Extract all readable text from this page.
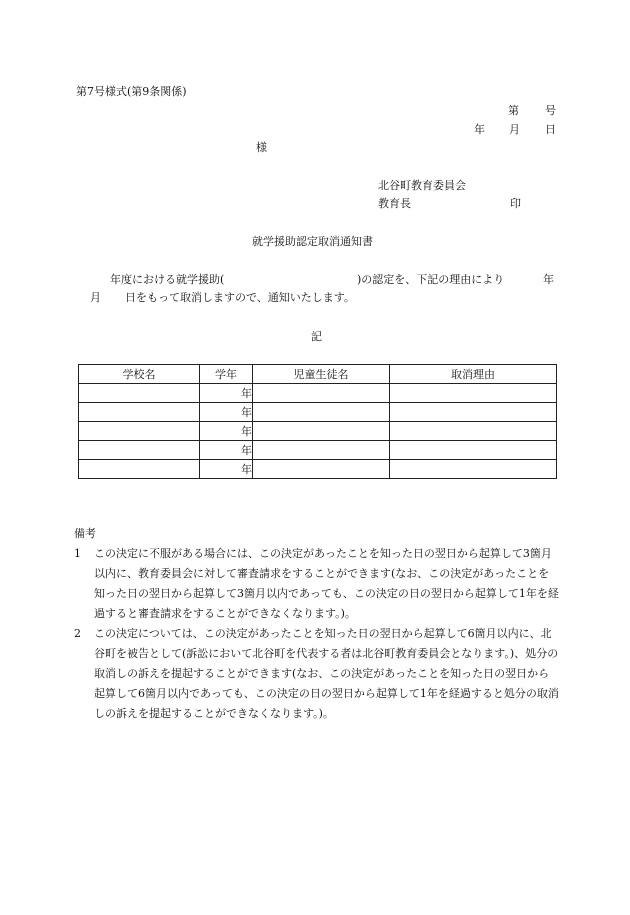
第7号様式(第9条関係)
第 号
年 月 日
様
北谷町教育委員会
教育長	印
就学援助認定取消通知書
年度における就学援助(	)の認定を、下記の理由により	年
月 日をもって取消しますので、通知いたします。
記
学校名	学年	児童生徒名	取消理由
	年		
	年		
	年		
	年		
	年		
備考
1 この決定に不服がある場合には、この決定があったことを知った日の翌日から起算して3箇月以内に、教育委員会に対して審査請求をすることができます(なお、この決定があったことを知った日の翌日から起算して3箇月以内であっても、この決定の日の翌日から起算して1年を経過すると審査請求をすることができなくなります。)。
2 この決定については、この決定があったことを知った日の翌日から起算して6箇月以内に、北谷町を被告として(訴訟において北谷町を代表する者は北谷町教育委員会となります。)、処分の取消しの訴えを提起することができます(なお、この決定があったことを知った日の翌日から起算して6箇月以内であっても、この決定の日の翌日から起算して1年を経過すると処分の取消しの訴えを提起することができなくなります。)。
